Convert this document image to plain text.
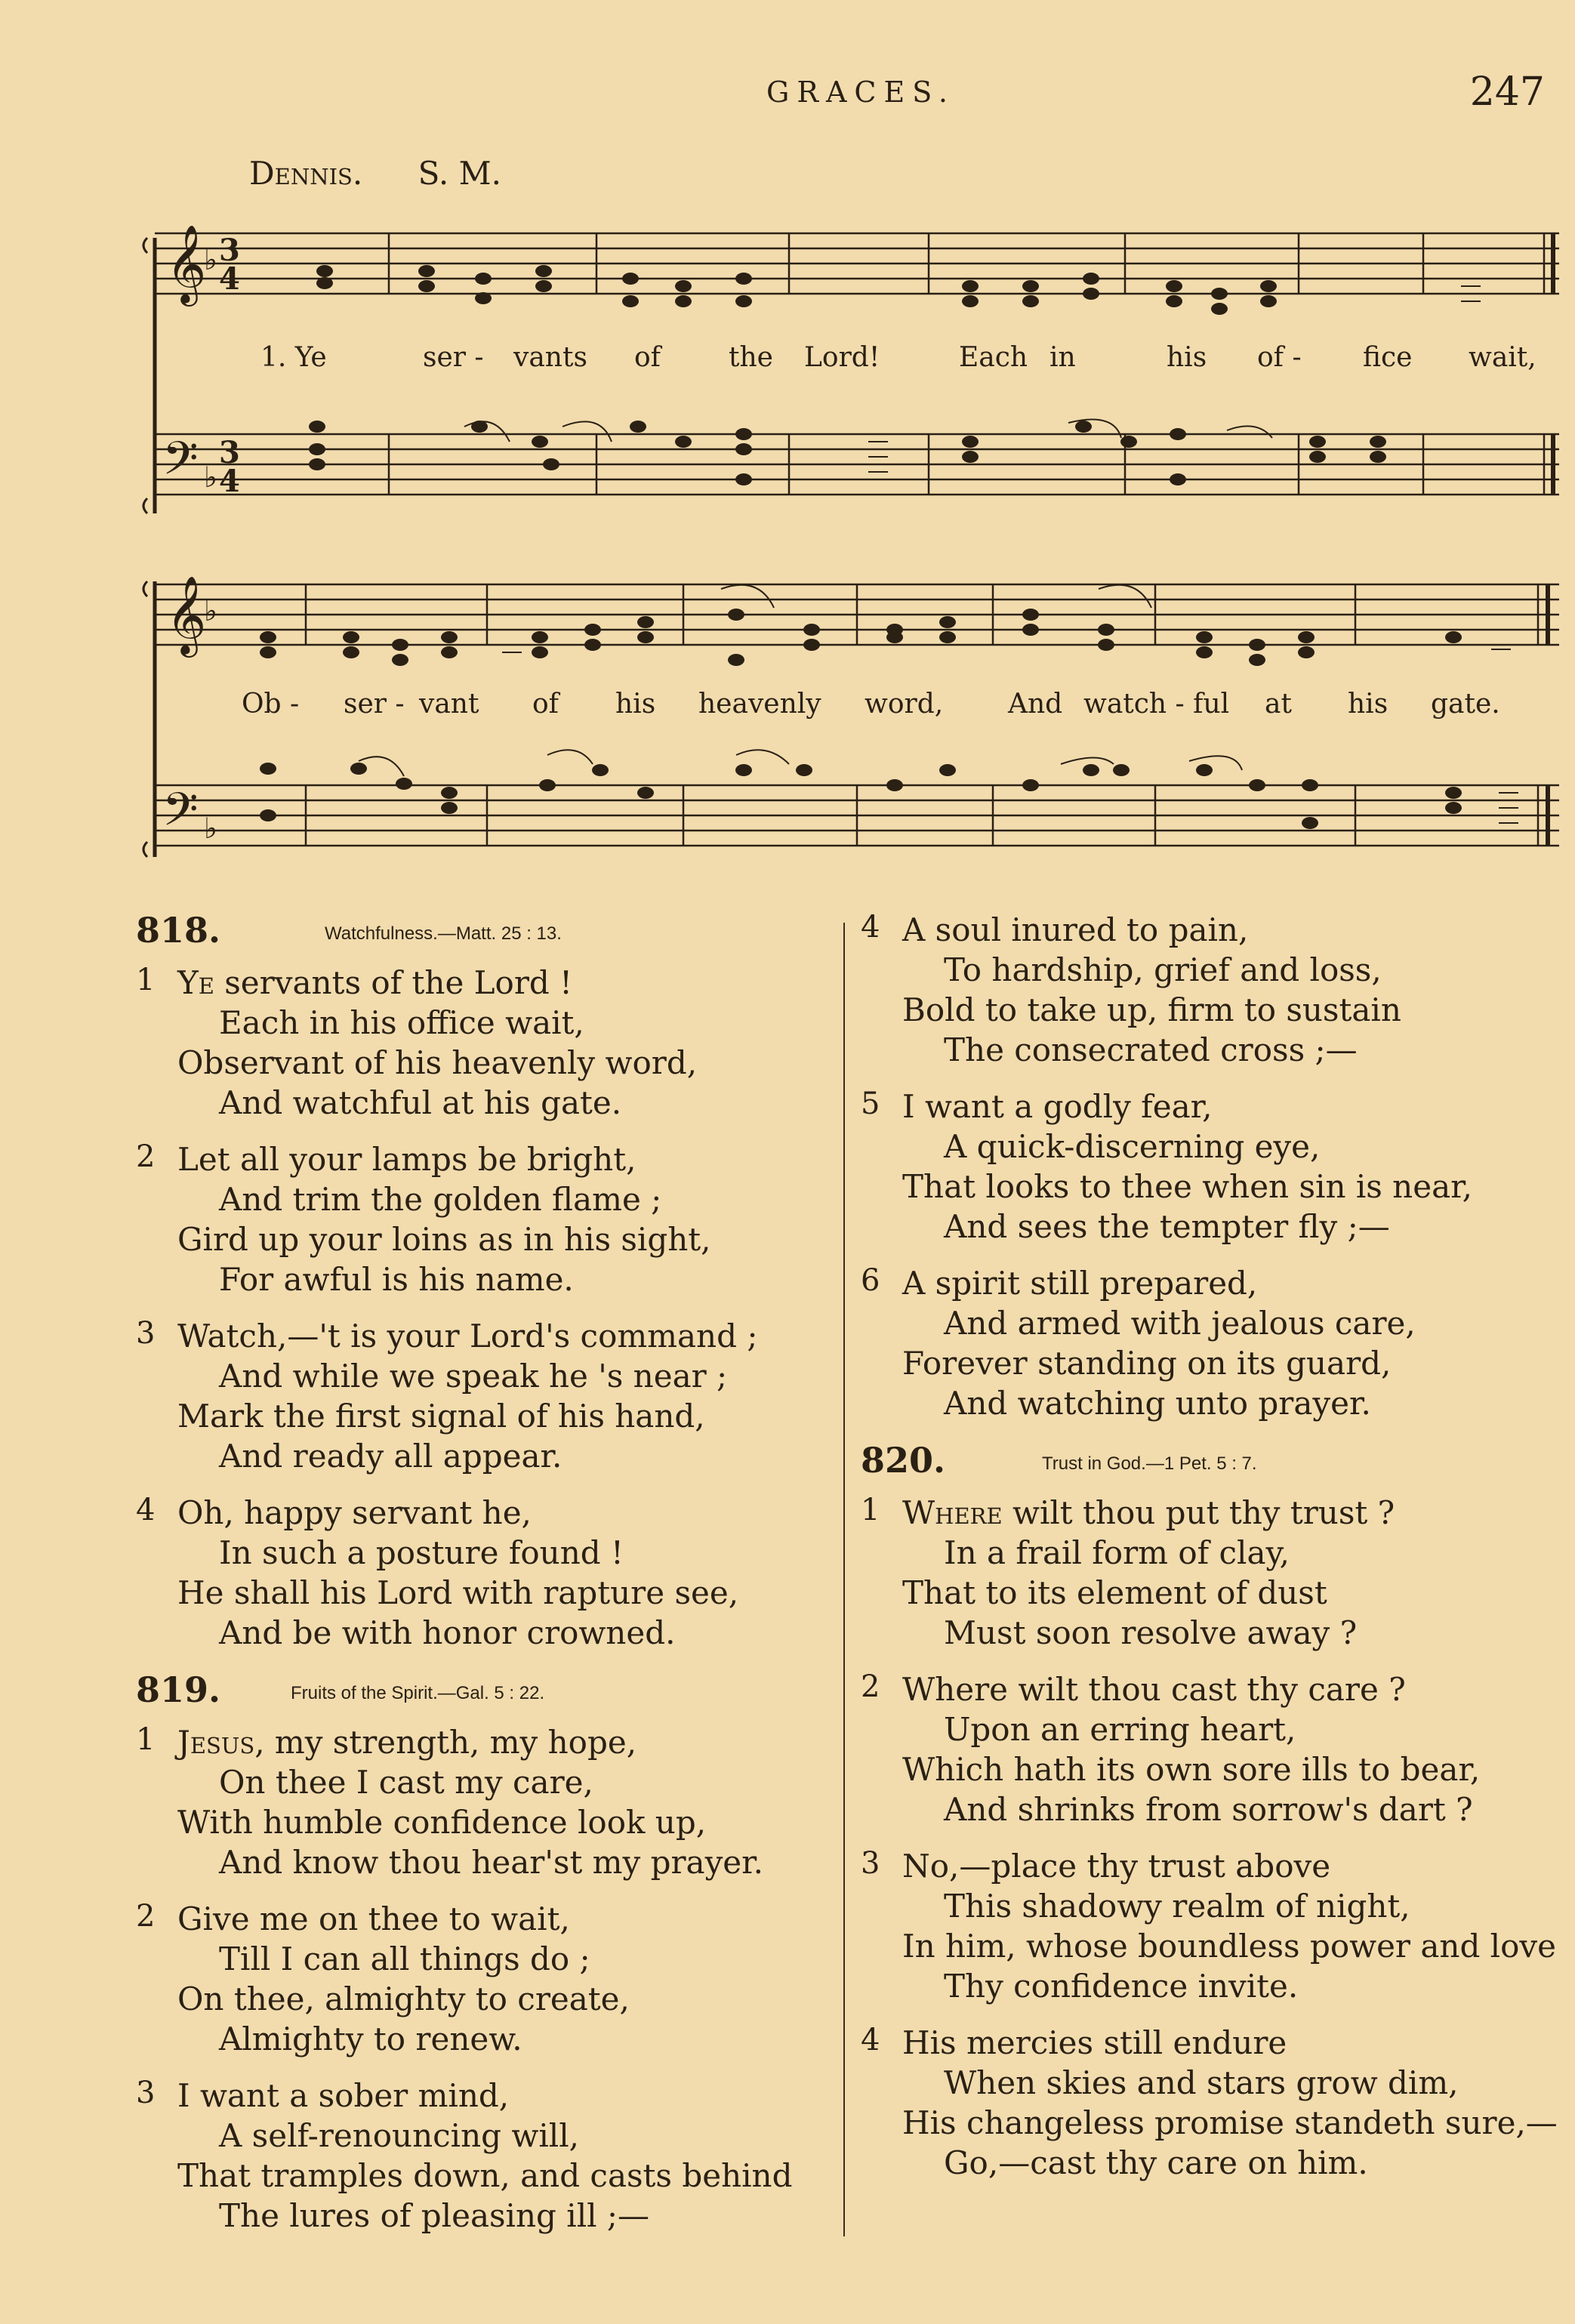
GRACES.	247
Dennis. S. M.
𝄞 3
4
♭
𝄢 3
4
♭
1. Ye	ser - vants of	the Lord!	Each in	his of - fice wait,
𝄞
♭
𝄢 ♭
Ob - ser - vant of his heavenly word, And watch - ful at his gate.
818.	Watchfulness.—Matt. 25 : 13.
1 Ye servants of the Lord !
Each in his office wait,
Observant of his heavenly word,
And watchful at his gate.
2 Let all your lamps be bright,
And trim the golden flame ;
Gird up your loins as in his sight,
For awful is his name.
3 Watch,—'t is your Lord's command ;
And while we speak he 's near ;
Mark the first signal of his hand,
And ready all appear.
4 Oh, happy servant he,
In such a posture found !
He shall his Lord with rapture see,
And be with honor crowned.
819.	Fruits of the Spirit.—Gal. 5 : 22.
1 Jesus, my strength, my hope,
On thee I cast my care,
With humble confidence look up,
And know thou hear'st my prayer.
2 Give me on thee to wait,
Till I can all things do ;
On thee, almighty to create,
Almighty to renew.
3 I want a sober mind,
A self-renouncing will,
That tramples down, and casts behind
The lures of pleasing ill ;—
4 A soul inured to pain,
To hardship, grief and loss,
Bold to take up, firm to sustain
The consecrated cross ;—
5 I want a godly fear,
A quick-discerning eye,
That looks to thee when sin is near,
And sees the tempter fly ;—
6 A spirit still prepared,
And armed with jealous care,
Forever standing on its guard,
And watching unto prayer.
820.	Trust in God.—1 Pet. 5 : 7.
1 Where wilt thou put thy trust ?
In a frail form of clay,
That to its element of dust
Must soon resolve away ?
2 Where wilt thou cast thy care ?
Upon an erring heart,
Which hath its own sore ills to bear,
And shrinks from sorrow's dart ?
3 No,—place thy trust above
This shadowy realm of night,
In him, whose boundless power and love
Thy confidence invite.
4 His mercies still endure
When skies and stars grow dim,
His changeless promise standeth sure,—
Go,—cast thy care on him.
